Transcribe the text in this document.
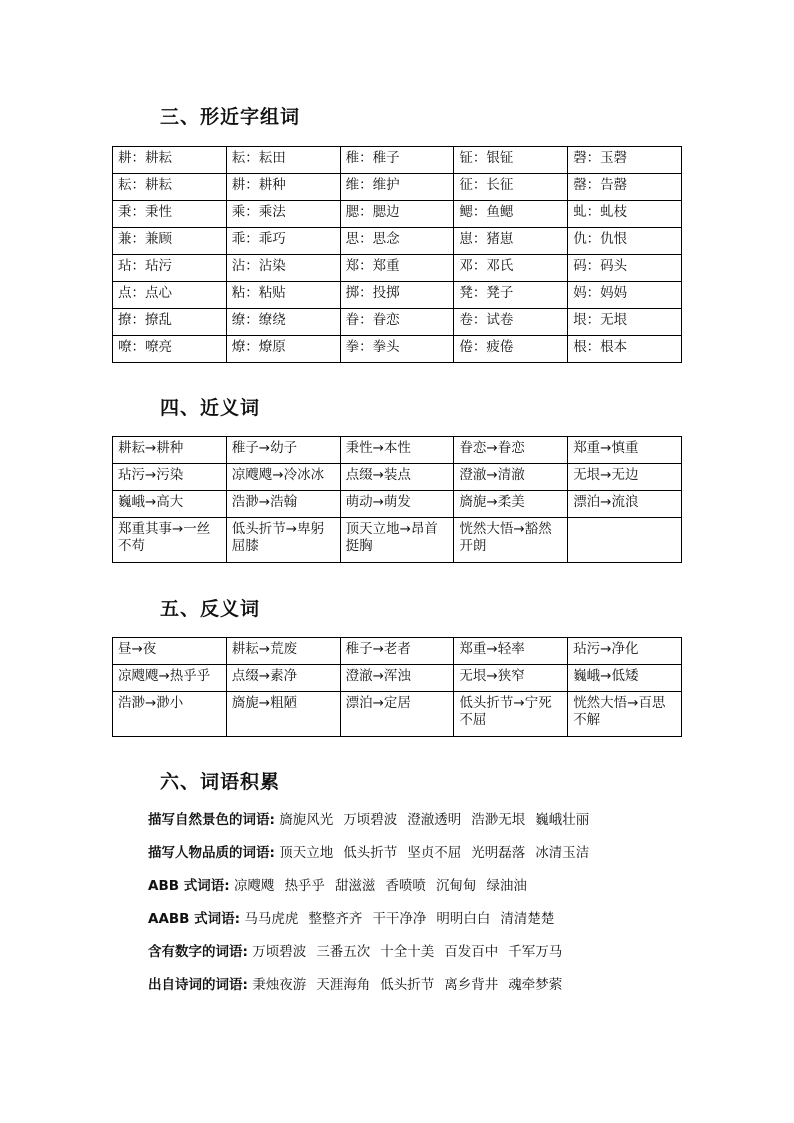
三、形近字组词
耕：耕耘	耘：耘田	稚：稚子	钲：银钲	磬：玉磬
耘：耕耘	耕：耕种	维：维护	征：长征	罄：告罄
秉：秉性	乘：乘法	腮：腮边	鳃：鱼鳃	虬：虬枝
兼：兼顾	乖：乖巧	思：思念	崽：猪崽	仇：仇恨
玷：玷污	沾：沾染	郑：郑重	邓：邓氏	码：码头
点：点心	粘：粘贴	掷：投掷	凳：凳子	妈：妈妈
撩：撩乱	缭：缭绕	眷：眷恋	卷：试卷	垠：无垠
嘹：嘹亮	燎：燎原	拳：拳头	倦：疲倦	根：根本
四、近义词
耕耘→耕种	稚子→幼子	秉性→本性	眷恋→眷恋	郑重→慎重
玷污→污染	凉飕飕→冷冰冰	点缀→装点	澄澈→清澈	无垠→无边
巍峨→高大	浩渺→浩翰	萌动→萌发	旖旎→柔美	漂泊→流浪
郑重其事→一丝不苟	低头折节→卑躬屈膝	顶天立地→昂首挺胸	恍然大悟→豁然开朗	
五、反义词
昼→夜	耕耘→荒废	稚子→老者	郑重→轻率	玷污→净化
凉飕飕→热乎乎	点缀→素净	澄澈→浑浊	无垠→狭窄	巍峨→低矮
浩渺→渺小	旖旎→粗陋	漂泊→定居	低头折节→宁死不屈	恍然大悟→百思不解
六、词语积累
描写自然景色的词语: 旖旎风光 万顷碧波 澄澈透明 浩渺无垠 巍峨壮丽
描写人物品质的词语: 顶天立地 低头折节 坚贞不屈 光明磊落 冰清玉洁
ABB 式词语: 凉飕飕 热乎乎 甜滋滋 香喷喷 沉甸甸 绿油油
AABB 式词语: 马马虎虎 整整齐齐 干干净净 明明白白 清清楚楚
含有数字的词语: 万顷碧波 三番五次 十全十美 百发百中 千军万马
出自诗词的词语: 秉烛夜游 天涯海角 低头折节 离乡背井 魂牵梦萦
